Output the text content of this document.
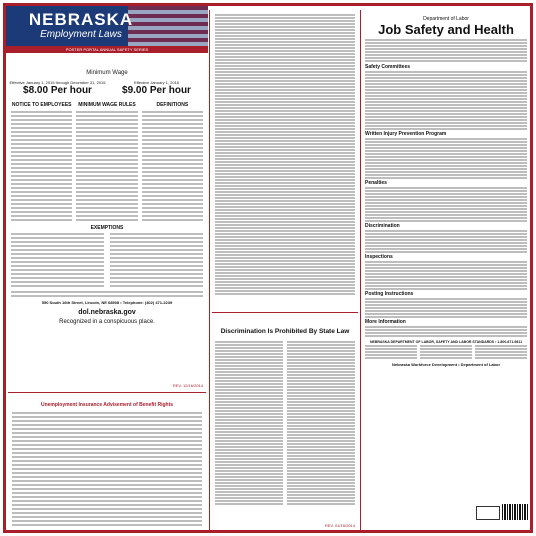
NEBRASKA
Employment Laws
POSTER PORTAL ANNUAL SAFETY SERIES
Minimum Wage
Effective January 1, 2015 through December 31, 2015
$8.00 Per hour
Effective January 1, 2016
$9.00 Per hour
NOTICE TO EMPLOYEES	MINIMUM WAGE RULES	DEFINITIONS
EXEMPTIONS
550 South 16th Street, Lincoln, NE 68508 • Telephone: (402) 471-2239
dol.nebraska.gov
Recognized in a conspicuous place.
REV. 12/16/2014
Unemployment Insurance Advisement of Benefit Rights
Discrimination Is Prohibited By State Law
REV. 01/15/2014
Department of Labor
Job Safety and Health
Safety Committees
Written Injury Prevention Program
Penalties
Discrimination
Inspections
Posting Instructions
More Information
NEBRASKA DEPARTMENT OF LABOR, SAFETY AND LABOR STANDARDS • 1-800-671-9811
Nebraska Workforce Development • Department of Labor
